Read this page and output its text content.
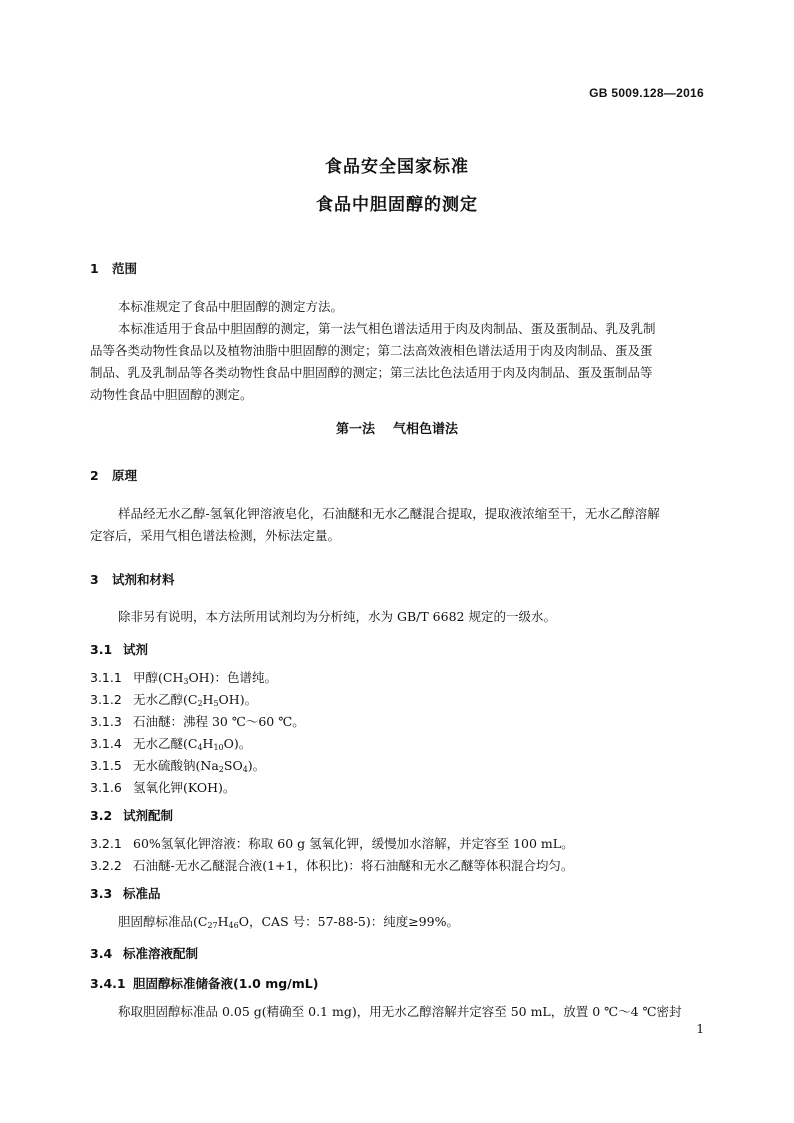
GB 5009.128—2016
食品安全国家标准
食品中胆固醇的测定
1 范围
本标准规定了食品中胆固醇的测定方法。
本标准适用于食品中胆固醇的测定，第一法气相色谱法适用于肉及肉制品、蛋及蛋制品、乳及乳制
品等各类动物性食品以及植物油脂中胆固醇的测定；第二法高效液相色谱法适用于肉及肉制品、蛋及蛋
制品、乳及乳制品等各类动物性食品中胆固醇的测定；第三法比色法适用于肉及肉制品、蛋及蛋制品等
动物性食品中胆固醇的测定。
第一法 气相色谱法
2 原理
样品经无水乙醇-氢氧化钾溶液皂化，石油醚和无水乙醚混合提取，提取液浓缩至干，无水乙醇溶解
定容后，采用气相色谱法检测，外标法定量。
3 试剂和材料
除非另有说明，本方法所用试剂均为分析纯，水为 GB/T 6682 规定的一级水。
3.1 试剂
3.1.1 甲醇$(CH_3OH)$：色谱纯。
3.1.2 无水乙醇$(C_2H_5OH)$。
3.1.3 石油醚：沸程 30 ℃～60 ℃。
3.1.4 无水乙醚$(C_4H_{10}O)$。
3.1.5 无水硫酸钠$(Na_2SO_4)$。
3.1.6 氢氧化钾(KOH)。
3.2 试剂配制
3.2.1 60%氢氧化钾溶液：称取 60 g 氢氧化钾，缓慢加水溶解，并定容至 100 mL。
3.2.2 石油醚-无水乙醚混合液(1+1，体积比)：将石油醚和无水乙醚等体积混合均匀。
3.3 标准品
胆固醇标准品($C_{27}H_{46}O$，CAS 号：57-88-5)：纯度≥99%。
3.4 标准溶液配制
3.4.1 胆固醇标准储备液(1.0 mg/mL)
称取胆固醇标准品 0.05 g(精确至 0.1 mg)，用无水乙醇溶解并定容至 50 mL，放置 0 ℃～4 ℃密封
1
